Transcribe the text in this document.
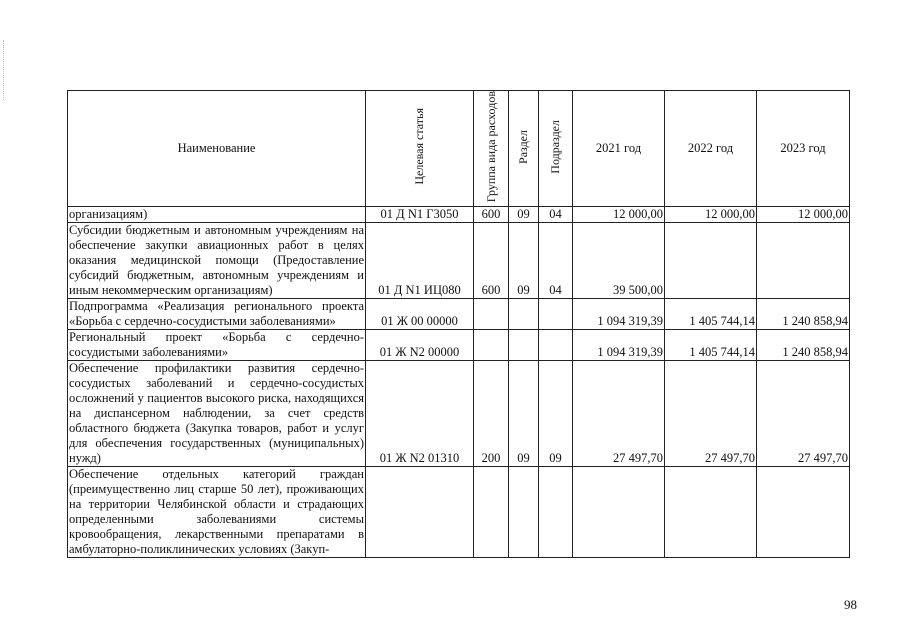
Наименование	Целевая статья	Группа вида расходов	Раздел	Подраздел	2021 год	2022 год	2023 год
организациям)	01 Д N1 Г3050	600	09	04	12 000,00	12 000,00	12 000,00
Субсидии бюджетным и автономным учреждениям на обеспечение закупки авиационных работ в целях оказания медицинской помощи (Предоставление субсидий бюджетным, автономным учреждениям и иным некоммерческим организациям)	01 Д N1 ИЦ080	600	09	04	39 500,00		
Подпрограмма «Реализация регионального проекта «Борьба с сердечно-сосудистыми заболеваниями»	01 Ж 00 00000				1 094 319,39	1 405 744,14	1 240 858,94
Региональный проект «Борьба с сердечно-сосудистыми заболеваниями»	01 Ж N2 00000				1 094 319,39	1 405 744,14	1 240 858,94
Обеспечение профилактики развития сердечно-сосудистых заболеваний и сердечно-сосудистых осложнений у пациентов высокого риска, находящихся на диспансерном наблюдении, за счет средств областного бюджета (Закупка товаров, работ и услуг для обеспечения государственных (муниципальных) нужд)	01 Ж N2 01310	200	09	09	27 497,70	27 497,70	27 497,70
Обеспечение отдельных категорий граждан (преимущественно лиц старше 50 лет), проживающих на территории Челябинской области и страдающих определенными заболеваниями системы кровообращения, лекарственными препаратами в амбулаторно-поликлинических условиях (Закуп-							
98
